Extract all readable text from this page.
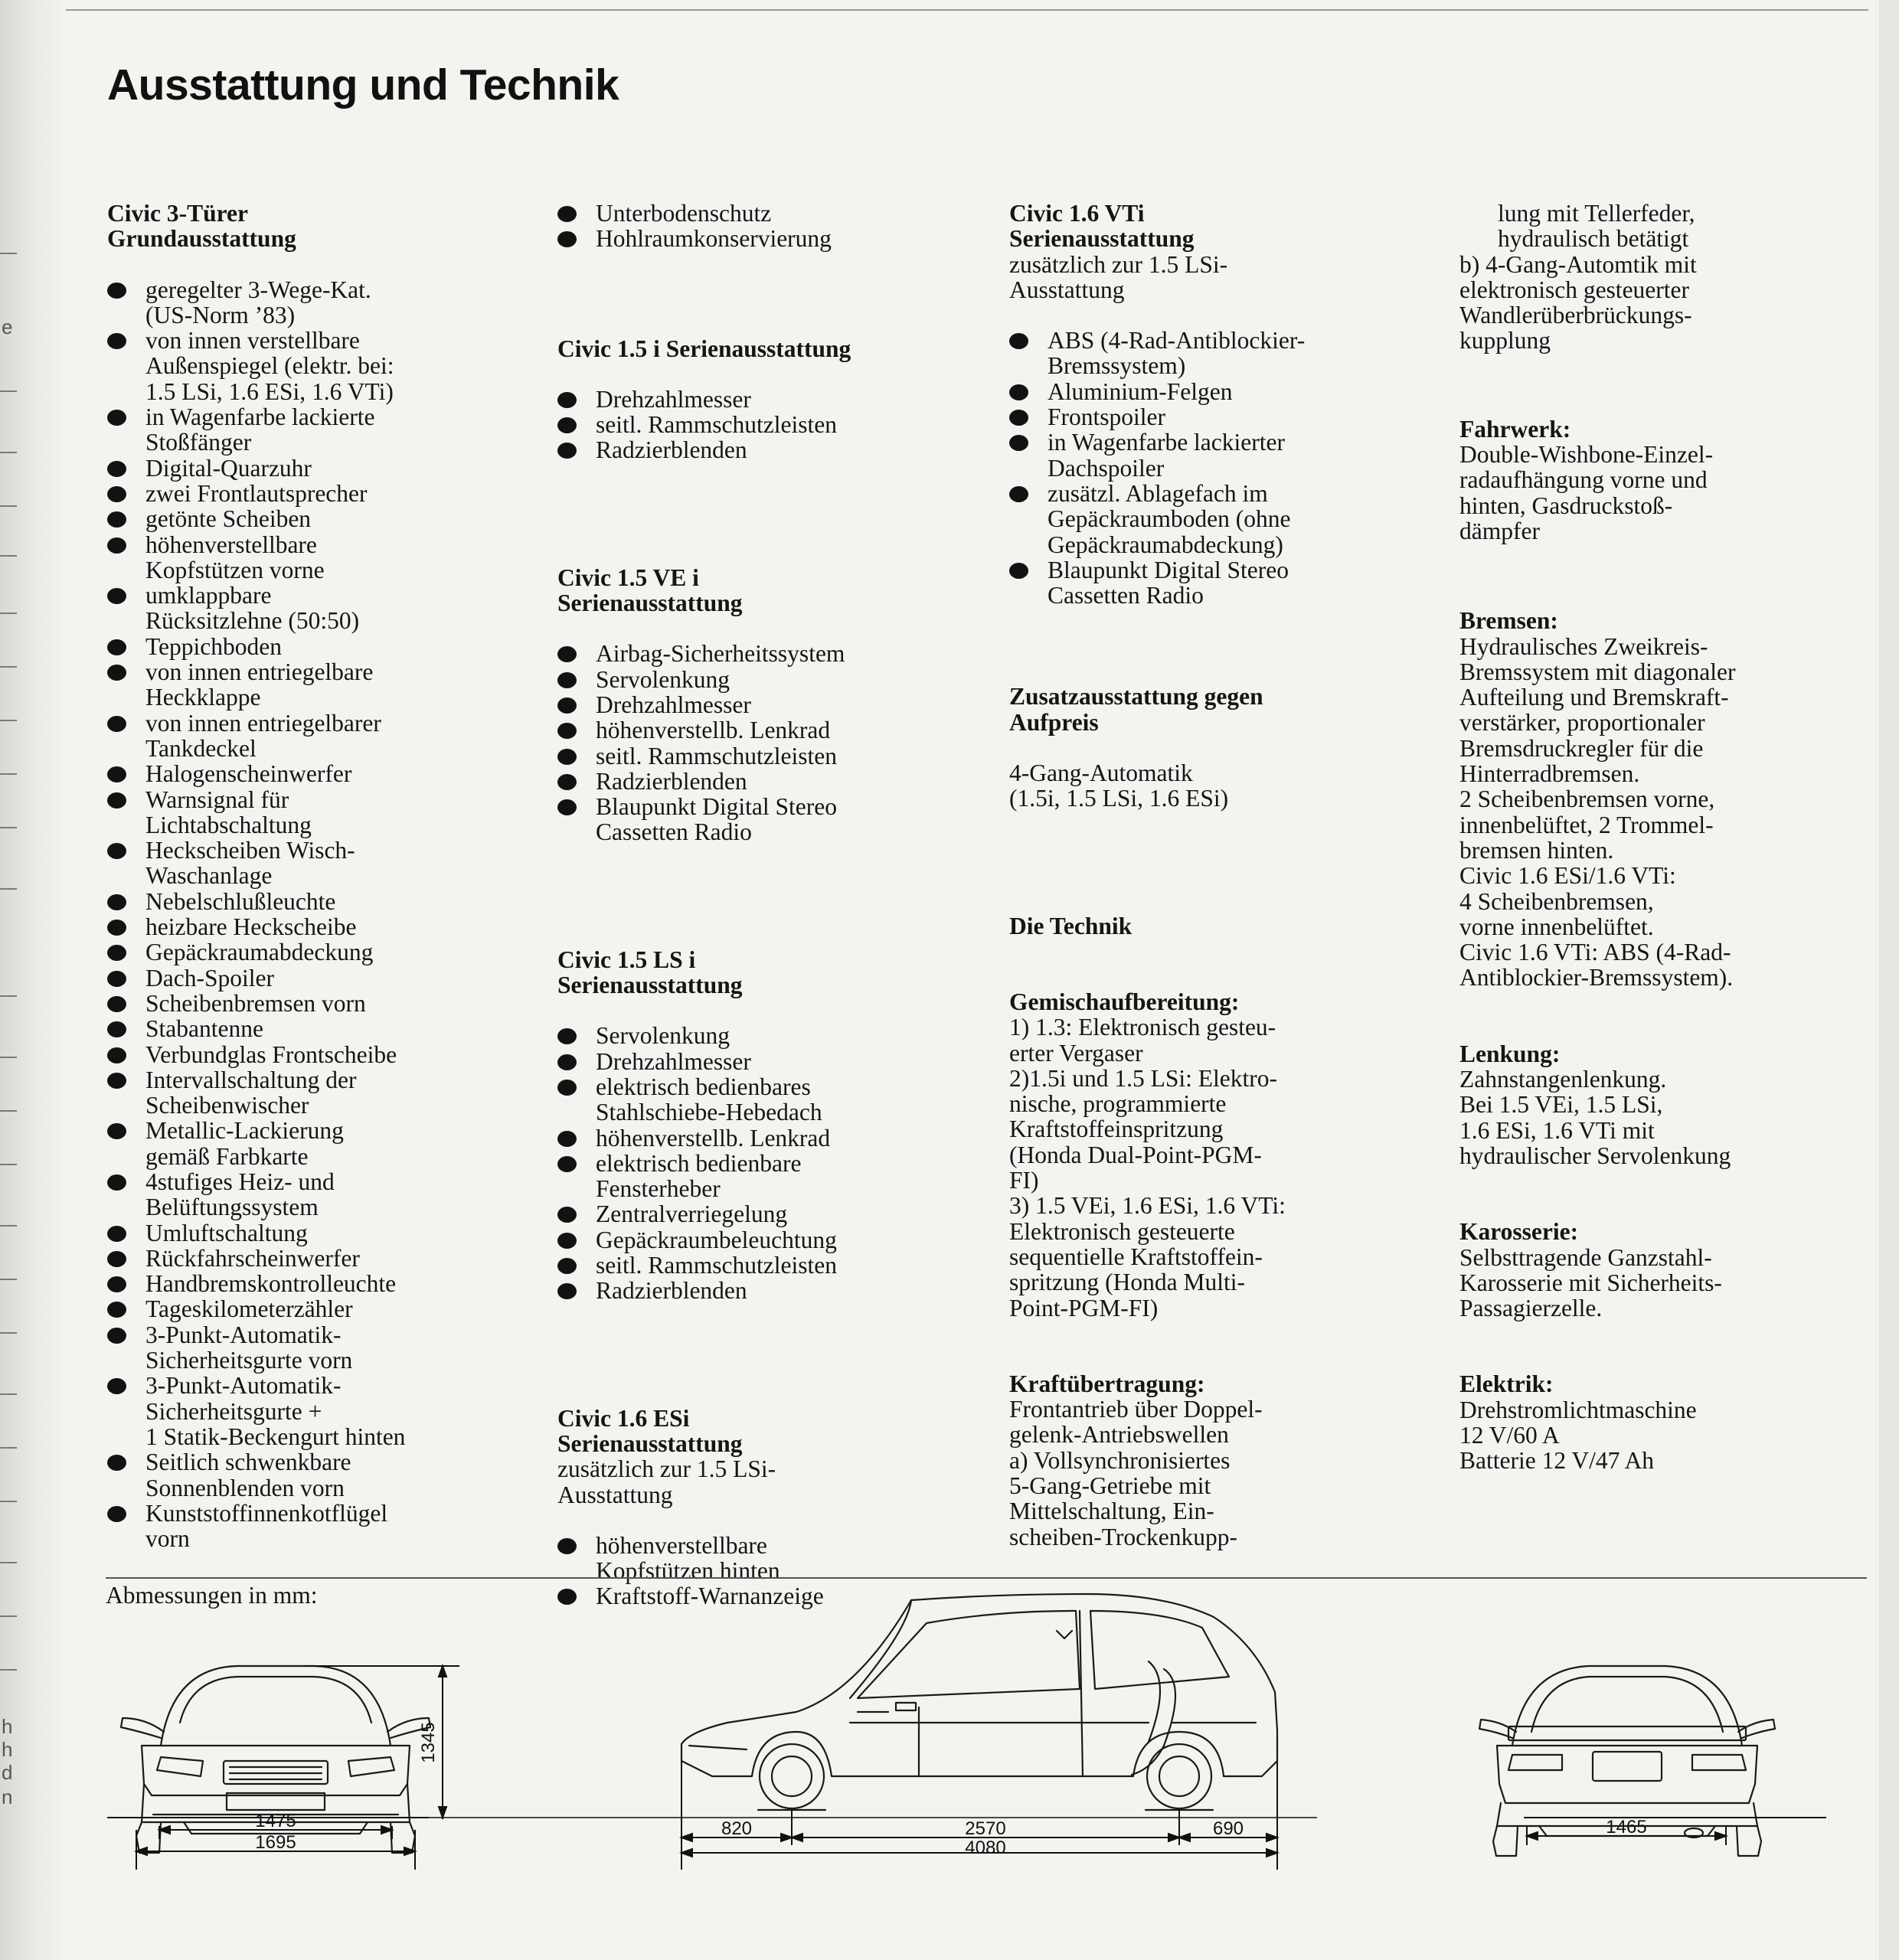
e
h
h
d
n
Ausstattung und Technik
Civic 3-Türer
Grundausstattung
geregelter 3-Wege-Kat.
(US-Norm ’83)
von innen verstellbare
Außenspiegel (elektr. bei:
1.5 LSi, 1.6 ESi, 1.6 VTi)
in Wagenfarbe lackierte
Stoßfänger
Digital-Quarzuhr
zwei Frontlautsprecher
getönte Scheiben
höhenverstellbare
Kopfstützen vorne
umklappbare
Rücksitzlehne (50:50)
Teppichboden
von innen entriegelbare
Heckklappe
von innen entriegelbarer
Tankdeckel
Halogenscheinwerfer
Warnsignal für
Lichtabschaltung
Heckscheiben Wisch-
Waschanlage
Nebelschlußleuchte
heizbare Heckscheibe
Gepäckraumabdeckung
Dach-Spoiler
Scheibenbremsen vorn
Stabantenne
Verbundglas Frontscheibe
Intervallschaltung der
Scheibenwischer
Metallic-Lackierung
gemäß Farbkarte
4stufiges Heiz- und
Belüftungssystem
Umluftschaltung
Rückfahrscheinwerfer
Handbremskontrolleuchte
Tageskilometerzähler
3-Punkt-Automatik-
Sicherheitsgurte vorn
3-Punkt-Automatik-
Sicherheitsgurte +
1 Statik-Beckengurt hinten
Seitlich schwenkbare
Sonnenblenden vorn
Kunststoffinnenkotflügel
vorn
Unterbodenschutz
Hohlraumkonservierung
Civic 1.5 i Serienausstattung
Drehzahlmesser
seitl. Rammschutzleisten
Radzierblenden
Civic 1.5 VE i
Serienausstattung
Airbag-Sicherheitssystem
Servolenkung
Drehzahlmesser
höhenverstellb. Lenkrad
seitl. Rammschutzleisten
Radzierblenden
Blaupunkt Digital Stereo
Cassetten Radio
Civic 1.5 LS i
Serienausstattung
Servolenkung
Drehzahlmesser
elektrisch bedienbares
Stahlschiebe-Hebedach
höhenverstellb. Lenkrad
elektrisch bedienbare
Fensterheber
Zentralverriegelung
Gepäckraumbeleuchtung
seitl. Rammschutzleisten
Radzierblenden
Civic 1.6 ESi
Serienausstattung
zusätzlich zur 1.5 LSi-
Ausstattung
höhenverstellbare
Kopfstützen hinten
Kraftstoff-Warnanzeige
Civic 1.6 VTi
Serienausstattung
zusätzlich zur 1.5 LSi-
Ausstattung
ABS (4-Rad-Antiblockier-
Bremssystem)
Aluminium-Felgen
Frontspoiler
in Wagenfarbe lackierter
Dachspoiler
zusätzl. Ablagefach im
Gepäckraumboden (ohne
Gepäckraumabdeckung)
Blaupunkt Digital Stereo
Cassetten Radio
Zusatzausstattung gegen
Aufpreis
4-Gang-Automatik
(1.5i, 1.5 LSi, 1.6 ESi)
Die Technik
Gemischaufbereitung:
1) 1.3: Elektronisch gesteu-
erter Vergaser
2)1.5i und 1.5 LSi: Elektro-
nische, programmierte
Kraftstoffeinspritzung
(Honda Dual-Point-PGM-
FI)
3) 1.5 VEi, 1.6 ESi, 1.6 VTi:
Elektronisch gesteuerte
sequentielle Kraftstoffein-
spritzung (Honda Multi-
Point-PGM-FI)
Kraftübertragung:
Frontantrieb über Doppel-
gelenk-Antriebswellen
a) Vollsynchronisiertes
5-Gang-Getriebe mit
Mittelschaltung, Ein-
scheiben-Trockenkupp-
lung mit Tellerfeder,
hydraulisch betätigt
b) 4-Gang-Automtik mit
elektronisch gesteuerter
Wandlerüberbrückungs-
kupplung
Fahrwerk:
Double-Wishbone-Einzel-
radaufhängung vorne und
hinten, Gasdruckstoß-
dämpfer
Bremsen:
Hydraulisches Zweikreis-
Bremssystem mit diagonaler
Aufteilung und Bremskraft-
verstärker, proportionaler
Bremsdruckregler für die
Hinterradbremsen.
2 Scheibenbremsen vorne,
innenbelüftet, 2 Trommel-
bremsen hinten.
Civic 1.6 ESi/1.6 VTi:
4 Scheibenbremsen,
vorne innenbelüftet.
Civic 1.6 VTi: ABS (4-Rad-
Antiblockier-Bremssystem).
Lenkung:
Zahnstangenlenkung.
Bei 1.5 VEi, 1.5 LSi,
1.6 ESi, 1.6 VTi mit
hydraulischer Servolenkung
Karosserie:
Selbsttragende Ganzstahl-
Karosserie mit Sicherheits-
Passagierzelle.
Elektrik:
Drehstromlichtmaschine
12 V/60 A
Batterie 12 V/47 Ah
Abmessungen in mm:
1475
1695
1345
820	2570	690
4080
1465
